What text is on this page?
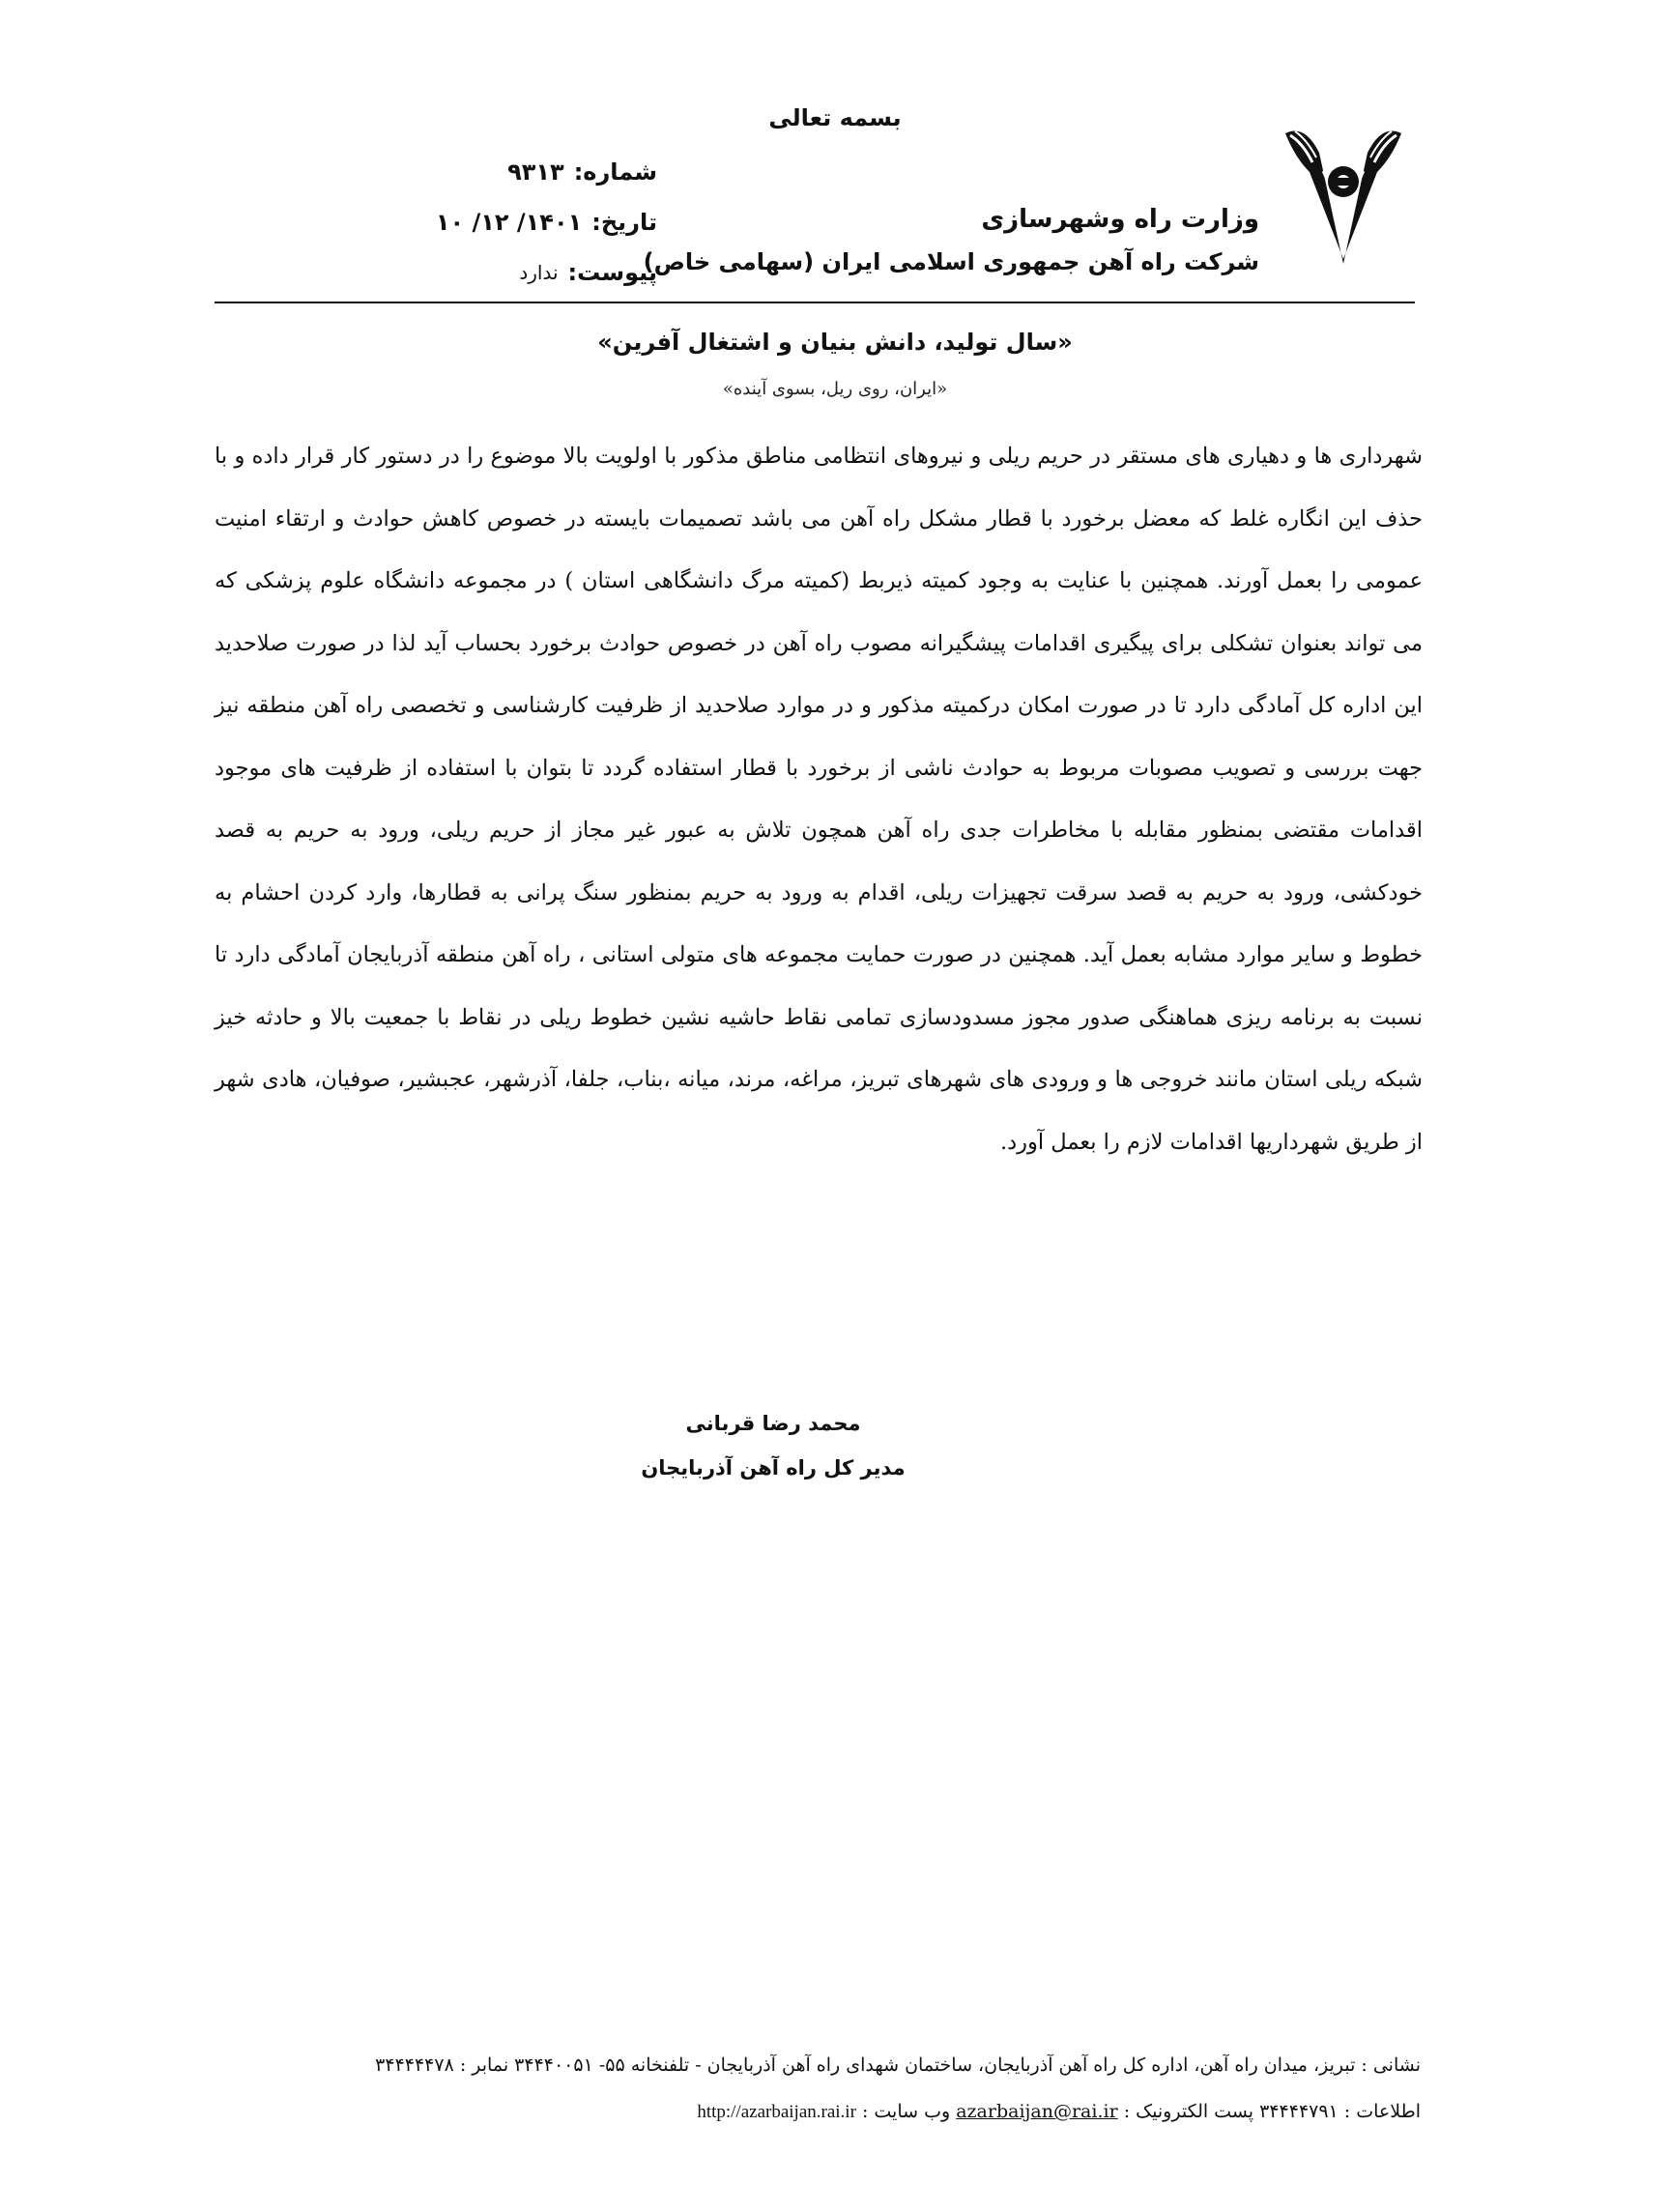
بسمه تعالی
وزارت راه وشهرسازی
شرکت راه آهن جمهوری اسلامی ایران (سهامی خاص)
شماره:
۹۳۱۳
تاریخ:
۱۴۰۱/ ۱۲/ ۱۰
پیوست:
ندارد
«سال تولید، دانش بنیان و اشتغال آفرین»
«ایران، روی ریل، بسوی آینده»
شهرداری ها و دهیاری های مستقر در حریم ریلی و نیروهای انتظامی مناطق مذکور با اولویت بالا موضوع را در دستور کار قرار داده و با حذف این انگاره غلط که معضل برخورد با قطار مشکل راه آهن می باشد تصمیمات بایسته در خصوص کاهش حوادث و ارتقاء امنیت عمومی را بعمل آورند. همچنین با عنایت به وجود کمیته ذیربط (کمیته مرگ دانشگاهی استان ) در مجموعه دانشگاه علوم پزشکی که می تواند بعنوان تشکلی برای پیگیری اقدامات پیشگیرانه مصوب راه آهن در خصوص حوادث برخورد بحساب آید لذا در صورت صلاحدید این اداره کل آمادگی دارد تا در صورت امکان درکمیته مذکور و در موارد صلاحدید از ظرفیت کارشناسی و تخصصی راه آهن منطقه نیز جهت بررسی و تصویب مصوبات مربوط به حوادث ناشی از برخورد با قطار استفاده گردد تا بتوان با استفاده از ظرفیت های موجود اقدامات مقتضی بمنظور مقابله با مخاطرات جدی راه آهن همچون تلاش به عبور غیر مجاز از حریم ریلی، ورود به حریم به قصد خودکشی، ورود به حریم به قصد سرقت تجهیزات ریلی، اقدام به ورود به حریم بمنظور سنگ پرانی به قطارها، وارد کردن احشام به خطوط و سایر موارد مشابه بعمل آید. همچنین در صورت حمایت مجموعه های متولی استانی ، راه آهن منطقه آذربایجان آمادگی دارد تا نسبت به برنامه ریزی هماهنگی صدور مجوز مسدودسازی تمامی نقاط حاشیه نشین خطوط ریلی در نقاط با جمعیت بالا و حادثه خیز شبکه ریلی استان مانند خروجی ها و ورودی های شهرهای تبریز، مراغه، مرند، میانه ،بناب، جلفا، آذرشهر، عجبشیر، صوفیان، هادی شهر از طریق شهرداریها اقدامات لازم را بعمل آورد.
محمد رضا قربانی
مدیر کل راه آهن آذربایجان
نشانی : تبریز، میدان راه آهن، اداره کل راه آهن آذربایجان، ساختمان شهدای راه آهن آذربایجان - تلفنخانه ۵۵- ۳۴۴۴۰۰۵۱ نمابر : ۳۴۴۴۴۴۷۸
اطلاعات : ۳۴۴۴۴۷۹۱ پست الکترونیک : azarbaijan@rai.ir وب سایت : http://azarbaijan.rai.ir
